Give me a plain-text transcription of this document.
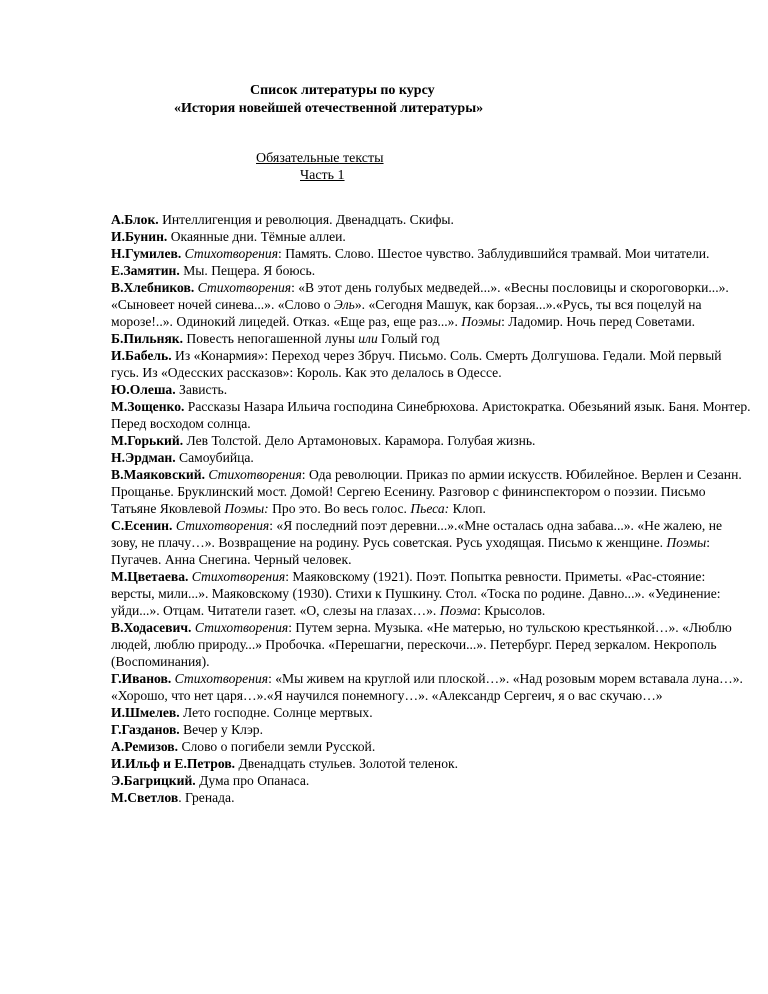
Список литературы по курсу
«История новейшей отечественной литературы»
Обязательные тексты
Часть 1

А.Блок. Интеллигенция и революция. Двенадцать. Скифы.

И.Бунин. Окаянные дни. Тёмные аллеи.

Н.Гумилев. Стихотворения: Память. Слово. Шестое чувство. Заблудившийся трамвай. Мои читатели.

Е.Замятин. Мы. Пещера. Я боюсь.

В.Хлебников. Стихотворения: «В этот день голубых медведей...». «Весны пословицы и скороговорки...». «Сыновеет ночей синева...». «Слово о Эль». «Сегодня Машук, как борзая...».«Русь, ты вся поцелуй на морозе!..». Одинокий лицедей. Отказ. «Еще раз, еще раз...». Поэмы: Ладомир. Ночь перед Советами.

Б.Пильняк. Повесть непогашенной луны или Голый год

И.Бабель. Из «Конармия»: Переход через Збруч. Письмо. Соль. Смерть Долгушова. Гедали. Мой первый гусь. Из «Одесских рассказов»: Король. Как это делалось в Одессе.

Ю.Олеша. Зависть.

М.Зощенко. Рассказы Назара Ильича господина Синебрюхова. Аристократка. Обезьяний язык. Баня. Монтер. Перед восходом солнца.

М.Горький. Лев Толстой. Дело Артамоновых. Карамора. Голубая жизнь.

Н.Эрдман. Самоубийца.

В.Маяковский. Стихотворения: Ода революции. Приказ по армии искусств. Юбилейное. Верлен и Сезанн. Прощанье. Бруклинский мост. Домой! Сергею Есенину. Разговор с фининспектором о поэзии. Письмо Татьяне Яковлевой Поэмы: Про это. Во весь голос. Пьеса: Клоп.

С.Есенин. Стихотворения: «Я последний поэт деревни...».«Мне осталась одна забава...». «Не жалею, не зову, не плачу…». Возвращение на родину. Русь советская. Русь уходящая. Письмо к женщине. Поэмы: Пугачев. Анна Снегина. Черный человек.

М.Цветаева. Стихотворения: Маяковскому (1921). Поэт. Попытка ревности. Приметы. «Рас-стояние: версты, мили...». Маяковскому (1930). Стихи к Пушкину. Стол. «Тоска по родине. Давно...». «Уединение: уйди...». Отцам. Читатели газет. «О, слезы на глазах…». Поэма: Крысолов.

В.Ходасевич. Стихотворения: Путем зерна. Музыка. «Не матерью, но тульскою крестьянкой…». «Люблю людей, люблю природу...» Пробочка. «Перешагни, перескочи...». Петербург. Перед зеркалом. Некрополь (Воспоминания).

Г.Иванов. Стихотворения: «Мы живем на круглой или плоской…». «Над розовым морем вставала луна…». «Хорошо, что нет царя…».«Я научился понемногу…». «Александр Сергеич, я о вас скучаю…»

И.Шмелев. Лето господне. Солнце мертвых.

Г.Газданов. Вечер у Клэр.

А.Ремизов. Слово о погибели земли Русской.

И.Ильф и Е.Петров. Двенадцать стульев. Золотой теленок.

Э.Багрицкий. Дума про Опанаса.

М.Светлов. Гренада.
